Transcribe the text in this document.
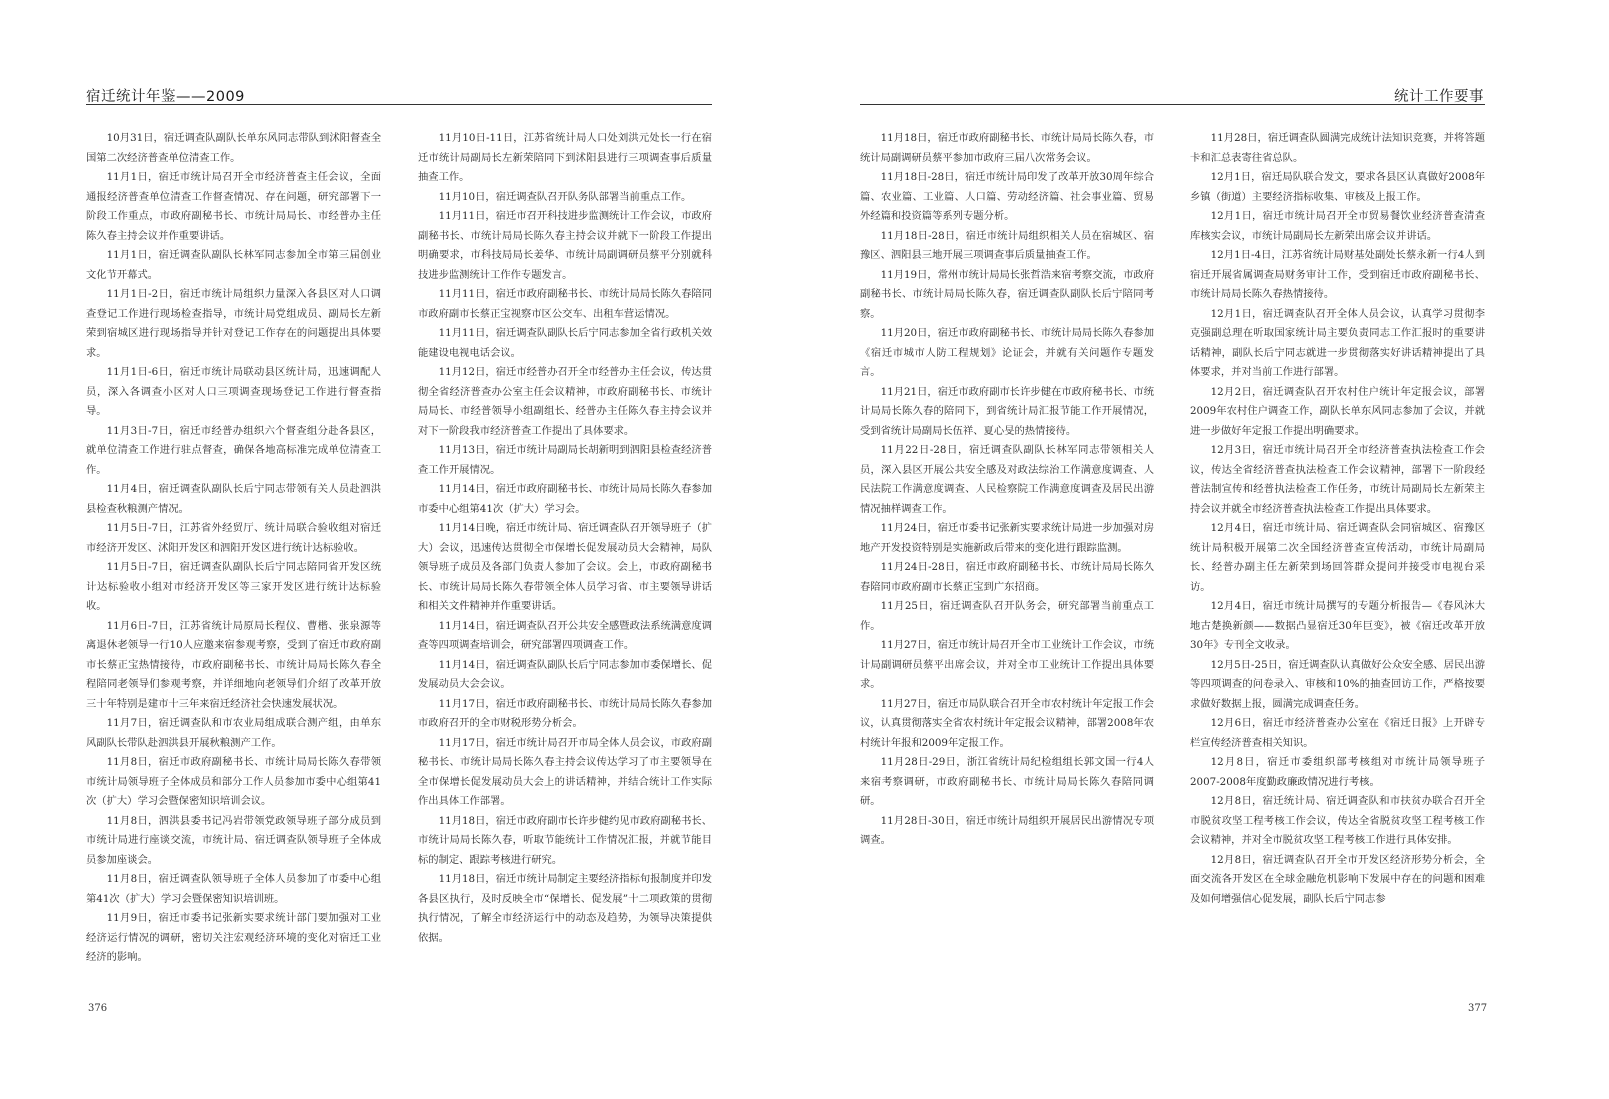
宿迁统计年鉴——2009

10月31日，宿迁调查队副队长单东风同志带队到沭阳督查全国第二次经济普查单位清查工作。

11月1日，宿迁市统计局召开全市经济普查主任会议，全面通报经济普查单位清查工作督查情况、存在问题，研究部署下一阶段工作重点，市政府副秘书长、市统计局局长、市经普办主任陈久春主持会议并作重要讲话。

11月1日，宿迁调查队副队长林军同志参加全市第三届创业文化节开幕式。

11月1日-2日，宿迁市统计局组织力量深入各县区对人口调查登记工作进行现场检查指导，市统计局党组成员、副局长左新荣到宿城区进行现场指导并针对登记工作存在的问题提出具体要求。

11月1日-6日，宿迁市统计局联动县区统计局，迅速调配人员，深入各调查小区对人口三项调查现场登记工作进行督查指导。

11月3日-7日，宿迁市经普办组织六个督查组分赴各县区，就单位清查工作进行驻点督查，确保各地高标准完成单位清查工作。

11月4日，宿迁调查队副队长后宁同志带领有关人员赴泗洪县检查秋粮测产情况。

11月5日-7日，江苏省外经贸厅、统计局联合验收组对宿迁市经济开发区、沭阳开发区和泗阳开发区进行统计达标验收。

11月5日-7日，宿迁调查队副队长后宁同志陪同省开发区统计达标验收小组对市经济开发区等三家开发区进行统计达标验收。

11月6日-7日，江苏省统计局原局长程仪、曹楷、张泉源等离退休老领导一行10人应邀来宿参观考察，受到了宿迁市政府副市长蔡正宝热情接待，市政府副秘书长、市统计局局长陈久春全程陪同老领导们参观考察，并详细地向老领导们介绍了改革开放三十年特别是建市十三年来宿迁经济社会快速发展状况。

11月7日，宿迁调查队和市农业局组成联合测产组，由单东风副队长带队赴泗洪县开展秋粮测产工作。

11月8日，宿迁市政府副秘书长、市统计局局长陈久春带领市统计局领导班子全体成员和部分工作人员参加市委中心组第41次（扩大）学习会暨保密知识培训会议。

11月8日，泗洪县委书记冯岩带领党政领导班子部分成员到市统计局进行座谈交流，市统计局、宿迁调查队领导班子全体成员参加座谈会。

11月8日，宿迁调查队领导班子全体人员参加了市委中心组第41次（扩大）学习会暨保密知识培训班。

11月9日，宿迁市委书记张新实要求统计部门要加强对工业经济运行情况的调研，密切关注宏观经济环境的变化对宿迁工业经济的影响。

11月10日-11日，江苏省统计局人口处刘洪元处长一行在宿迁市统计局副局长左新荣陪同下到沭阳县进行三项调查事后质量抽查工作。

11月10日，宿迁调查队召开队务队部署当前重点工作。

11月11日，宿迁市召开科技进步监测统计工作会议，市政府副秘书长、市统计局局长陈久春主持会议并就下一阶段工作提出明确要求，市科技局局长姜华、市统计局副调研员蔡平分别就科技进步监测统计工作作专题发言。

11月11日，宿迁市政府副秘书长、市统计局局长陈久春陪同市政府副市长蔡正宝视察市区公交车、出租车营运情况。

11月11日，宿迁调查队副队长后宁同志参加全省行政机关效能建设电视电话会议。

11月12日，宿迁市经普办召开全市经普办主任会议，传达贯彻全省经济普查办公室主任会议精神，市政府副秘书长、市统计局局长、市经普领导小组副组长、经普办主任陈久春主持会议并对下一阶段我市经济普查工作提出了具体要求。

11月13日，宿迁市统计局副局长胡新明到泗阳县检查经济普查工作开展情况。

11月14日，宿迁市政府副秘书长、市统计局局长陈久春参加市委中心组第41次（扩大）学习会。

11月14日晚，宿迁市统计局、宿迁调查队召开领导班子（扩大）会议，迅速传达贯彻全市保增长促发展动员大会精神，局队领导班子成员及各部门负责人参加了会议。会上，市政府副秘书长、市统计局局长陈久春带领全体人员学习省、市主要领导讲话和相关文件精神并作重要讲话。

11月14日，宿迁调查队召开公共安全感暨政法系统满意度调查等四项调查培训会，研究部署四项调查工作。

11月14日，宿迁调查队副队长后宁同志参加市委保增长、促发展动员大会会议。

11月17日，宿迁市政府副秘书长、市统计局局长陈久春参加市政府召开的全市财税形势分析会。

11月17日，宿迁市统计局召开市局全体人员会议，市政府副秘书长、市统计局局长陈久春主持会议传达学习了市主要领导在全市保增长促发展动员大会上的讲话精神，并结合统计工作实际作出具体工作部署。

11月18日，宿迁市政府副市长许步健约见市政府副秘书长、市统计局局长陈久春，听取节能统计工作情况汇报，并就节能目标的制定、跟踪考核进行研究。

11月18日，宿迁市统计局制定主要经济指标旬报制度并印发各县区执行，及时反映全市“保增长、促发展”十二项政策的贯彻执行情况，了解全市经济运行中的动态及趋势，为领导决策提供依据。

376
统计工作要事

11月18日，宿迁市政府副秘书长、市统计局局长陈久春，市统计局副调研员蔡平参加市政府三届八次常务会议。

11月18日-28日，宿迁市统计局印发了改革开放30周年综合篇、农业篇、工业篇、人口篇、劳动经济篇、社会事业篇、贸易外经篇和投资篇等系列专题分析。

11月18日-28日，宿迁市统计局组织相关人员在宿城区、宿豫区、泗阳县三地开展三项调查事后质量抽查工作。

11月19日，常州市统计局局长张哲浩来宿考察交流，市政府副秘书长、市统计局局长陈久春，宿迁调查队副队长后宁陪同考察。

11月20日，宿迁市政府副秘书长、市统计局局长陈久春参加《宿迁市城市人防工程规划》论证会，并就有关问题作专题发言。

11月21日，宿迁市政府副市长许步健在市政府秘书长、市统计局局长陈久春的陪同下，到省统计局汇报节能工作开展情况，受到省统计局副局长伍祥、夏心旻的热情接待。

11月22日-28日，宿迁调查队副队长林军同志带领相关人员，深入县区开展公共安全感及对政法综治工作满意度调查、人民法院工作满意度调查、人民检察院工作满意度调查及居民出游情况抽样调查工作。

11月24日，宿迁市委书记张新实要求统计局进一步加强对房地产开发投资特别是实施新政后带来的变化进行跟踪监测。

11月24日-28日，宿迁市政府副秘书长、市统计局局长陈久春陪同市政府副市长蔡正宝到广东招商。

11月25日，宿迁调查队召开队务会，研究部署当前重点工作。

11月27日，宿迁市统计局召开全市工业统计工作会议，市统计局副调研员蔡平出席会议，并对全市工业统计工作提出具体要求。

11月27日，宿迁市局队联合召开全市农村统计年定报工作会议，认真贯彻落实全省农村统计年定报会议精神，部署2008年农村统计年报和2009年定报工作。

11月28日-29日，浙江省统计局纪检组组长郭文国一行4人来宿考察调研，市政府副秘书长、市统计局局长陈久春陪同调研。

11月28日-30日，宿迁市统计局组织开展居民出游情况专项调查。

11月28日，宿迁调查队圆满完成统计法知识竞赛，并将答题卡和汇总表寄往省总队。

12月1日，宿迁局队联合发文，要求各县区认真做好2008年乡镇（街道）主要经济指标收集、审核及上报工作。

12月1日，宿迁市统计局召开全市贸易餐饮业经济普查清查库核实会议，市统计局副局长左新荣出席会议并讲话。

12月1日-4日，江苏省统计局财基处副处长蔡永新一行4人到宿迁开展省属调查局财务审计工作，受到宿迁市政府副秘书长、市统计局局长陈久春热情接待。

12月1日，宿迁调查队召开全体人员会议，认真学习贯彻李克强副总理在听取国家统计局主要负责同志工作汇报时的重要讲话精神，副队长后宁同志就进一步贯彻落实好讲话精神提出了具体要求，并对当前工作进行部署。

12月2日，宿迁调查队召开农村住户统计年定报会议，部署2009年农村住户调查工作，副队长单东风同志参加了会议，并就进一步做好年定报工作提出明确要求。

12月3日，宿迁市统计局召开全市经济普查执法检查工作会议，传达全省经济普查执法检查工作会议精神，部署下一阶段经普法制宣传和经普执法检查工作任务，市统计局副局长左新荣主持会议并就全市经济普查执法检查工作提出具体要求。

12月4日，宿迁市统计局、宿迁调查队会同宿城区、宿豫区统计局积极开展第二次全国经济普查宣传活动，市统计局副局长、经普办副主任左新荣到场回答群众提问并接受市电视台采访。

12月4日，宿迁市统计局撰写的专题分析报告—《春风沐大地古楚换新颜——数据凸显宿迁30年巨变》，被《宿迁改革开放30年》专刊全文收录。

12月5日-25日，宿迁调查队认真做好公众安全感、居民出游等四项调查的问卷录入、审核和10%的抽查回访工作，严格按要求做好数据上报，圆满完成调查任务。

12月6日，宿迁市经济普查办公室在《宿迁日报》上开辟专栏宣传经济普查相关知识。

12月8日，宿迁市委组织部考核组对市统计局领导班子2007-2008年度勤政廉政情况进行考核。

12月8日，宿迁统计局、宿迁调查队和市扶贫办联合召开全市脱贫攻坚工程考核工作会议，传达全省脱贫攻坚工程考核工作会议精神，并对全市脱贫攻坚工程考核工作进行具体安排。

12月8日，宿迁调查队召开全市开发区经济形势分析会，全面交流各开发区在全球金融危机影响下发展中存在的问题和困难及如何增强信心促发展，副队长后宁同志参

377
